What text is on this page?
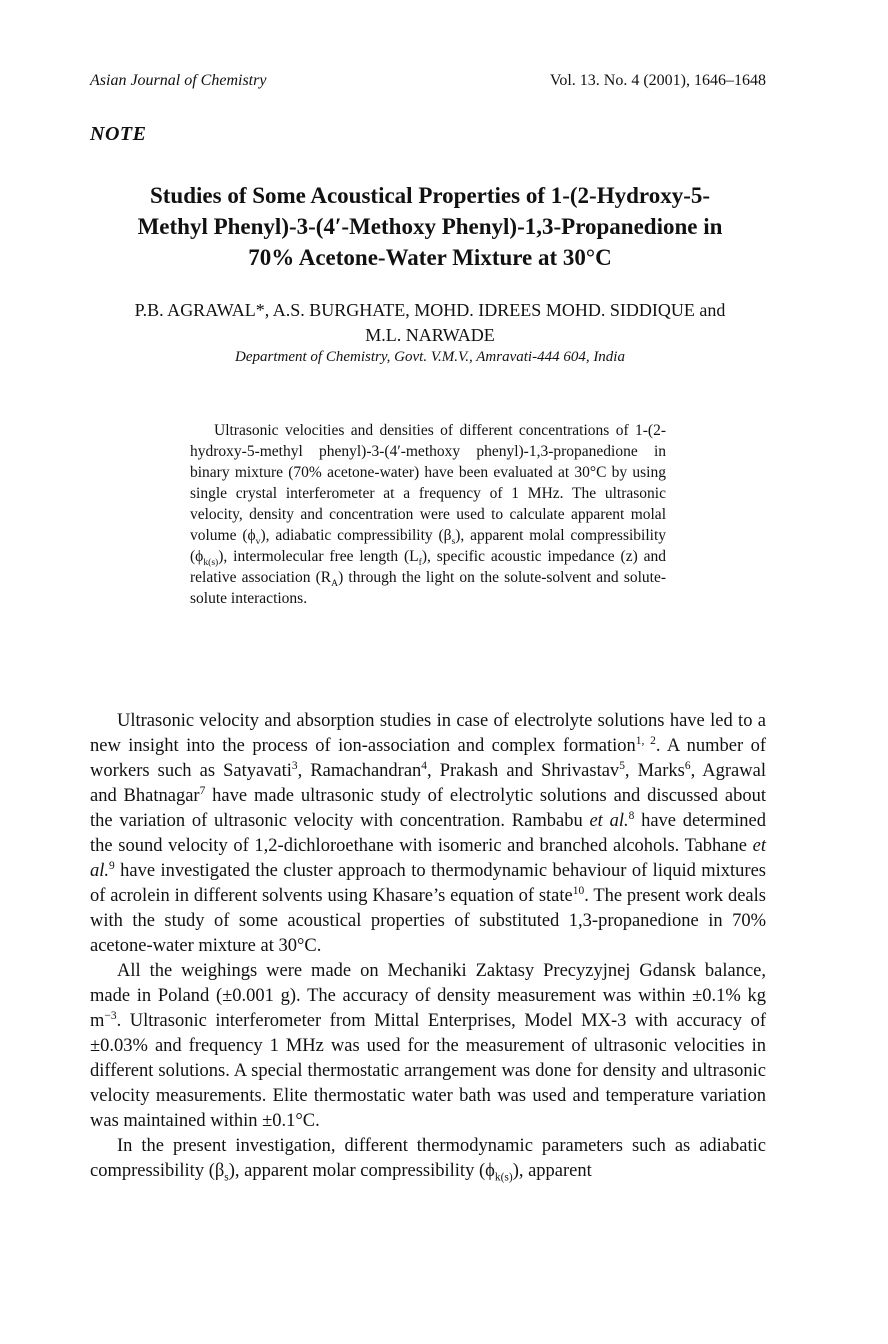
Asian Journal of Chemistry	Vol. 13. No. 4 (2001), 1646–1648
NOTE
Studies of Some Acoustical Properties of 1-(2-Hydroxy-5-
Methyl Phenyl)-3-(4′-Methoxy Phenyl)-1,3-Propanedione in
70% Acetone-Water Mixture at 30°C
P.B. AGRAWAL*, A.S. BURGHATE, MOHD. IDREES MOHD. SIDDIQUE and
M.L. NARWADE
Department of Chemistry, Govt. V.M.V., Amravati-444 604, India

Ultrasonic velocities and densities of different concentrations of 1-(2-hydroxy-5-methyl phenyl)-3-(4′-methoxy phenyl)-1,3-propanedione in binary mixture (70% acetone-water) have been evaluated at 30°C by using single crystal interferometer at a frequency of 1 MHz. The ultrasonic velocity, density and concentration were used to calculate apparent molal volume $(\phi_v)$, adiabatic compressibility $(\beta_s)$, apparent molal compressibility $(\phi_{k(s)})$, intermolecular free length $(L_f)$, specific acoustic impedance (z) and relative association $(R_A)$ through the light on the solute-solvent and solute-solute interactions.

Ultrasonic velocity and absorption studies in case of electrolyte solutions have led to a new insight into the process of ion-association and complex formation$^{1, 2}$. A number of workers such as Satyavati$^3$, Ramachandran$^4$, Prakash and Shrivastav$^5$, Marks$^6$, Agrawal and Bhatnagar$^7$ have made ultrasonic study of electrolytic solutions and discussed about the variation of ultrasonic velocity with concentration. Rambabu et al.$^8$ have determined the sound velocity of 1,2-dichloroethane with isomeric and branched alcohols. Tabhane et al.$^9$ have investigated the cluster approach to thermodynamic behaviour of liquid mixtures of acrolein in different solvents using Khasare’s equation of state$^{10}$. The present work deals with the study of some acoustical properties of substituted 1,3-propanedione in 70% acetone-water mixture at 30°C.

All the weighings were made on Mechaniki Zaktasy Precyzyjnej Gdansk balance, made in Poland (±0.001 g). The accuracy of density measurement was within ±0.1% kg $m^{-3}$. Ultrasonic interferometer from Mittal Enterprises, Model MX-3 with accuracy of ±0.03% and frequency 1 MHz was used for the measurement of ultrasonic velocities in different solutions. A special thermostatic arrangement was done for density and ultrasonic velocity measurements. Elite thermostatic water bath was used and temperature variation was maintained within ±0.1°C.

In the present investigation, different thermodynamic parameters such as adiabatic compressibility $(\beta_s)$, apparent molar compressibility $(\phi_{k(s)})$, apparent
